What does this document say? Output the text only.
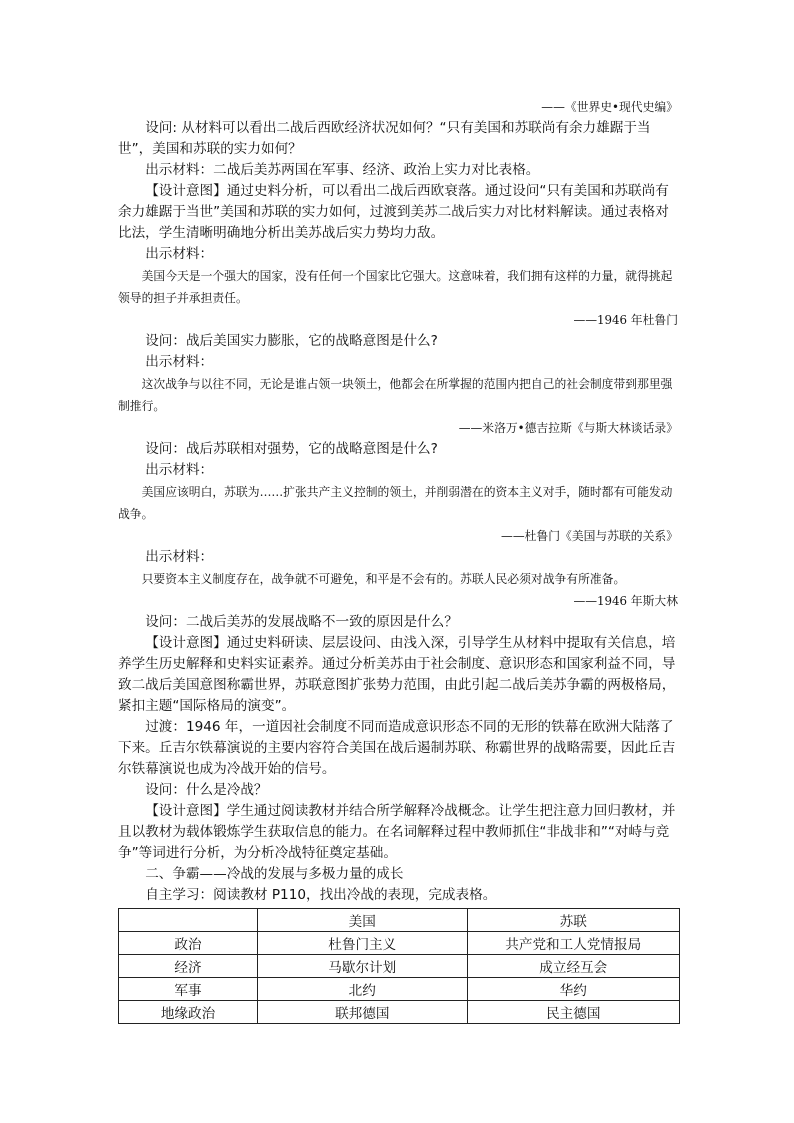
——《世界史•现代史编》

设问: 从材料可以看出二战后西欧经济状况如何？“只有美国和苏联尚有余力雄踞于当世”，美国和苏联的实力如何？

出示材料：二战后美苏两国在军事、经济、政治上实力对比表格。

【设计意图】通过史料分析，可以看出二战后西欧衰落。通过设问“只有美国和苏联尚有余力雄踞于当世”美国和苏联的实力如何，过渡到美苏二战后实力对比材料解读。通过表格对比法，学生清晰明确地分析出美苏战后实力势均力敌。

出示材料：

美国今天是一个强大的国家，没有任何一个国家比它强大。这意味着，我们拥有这样的力量，就得挑起领导的担子并承担责任。

——1946 年杜鲁门

设问：战后美国实力膨胀，它的战略意图是什么?

出示材料：

这次战争与以往不同，无论是谁占领一块领土，他都会在所掌握的范围内把自己的社会制度带到那里强制推行。

——米洛万•德吉拉斯《与斯大林谈话录》

设问：战后苏联相对强势，它的战略意图是什么?

出示材料：

美国应该明白，苏联为……扩张共产主义控制的领土，并削弱潜在的资本主义对手，随时都有可能发动战争。

——杜鲁门《美国与苏联的关系》

出示材料：

只要资本主义制度存在，战争就不可避免，和平是不会有的。苏联人民必须对战争有所准备。

——1946 年斯大林

设问：二战后美苏的发展战略不一致的原因是什么？

【设计意图】通过史料研读、层层设问、由浅入深，引导学生从材料中提取有关信息，培养学生历史解释和史料实证素养。通过分析美苏由于社会制度、意识形态和国家利益不同，导致二战后美国意图称霸世界，苏联意图扩张势力范围，由此引起二战后美苏争霸的两极格局，紧扣主题“国际格局的演变”。

过渡：1946 年，一道因社会制度不同而造成意识形态不同的无形的铁幕在欧洲大陆落了下来。丘吉尔铁幕演说的主要内容符合美国在战后遏制苏联、称霸世界的战略需要，因此丘吉尔铁幕演说也成为冷战开始的信号。

设问：什么是冷战？

【设计意图】学生通过阅读教材并结合所学解释冷战概念。让学生把注意力回归教材，并且以教材为载体锻炼学生获取信息的能力。在名词解释过程中教师抓住“非战非和”“对峙与竞争”等词进行分析，为分析冷战特征奠定基础。

二、争霸——冷战的发展与多极力量的成长

自主学习：阅读教材 P110，找出冷战的表现，完成表格。

	美国	苏联
政治	杜鲁门主义	共产党和工人党情报局
经济	马歇尔计划	成立经互会
军事	北约	华约
地缘政治	联邦德国	民主德国
